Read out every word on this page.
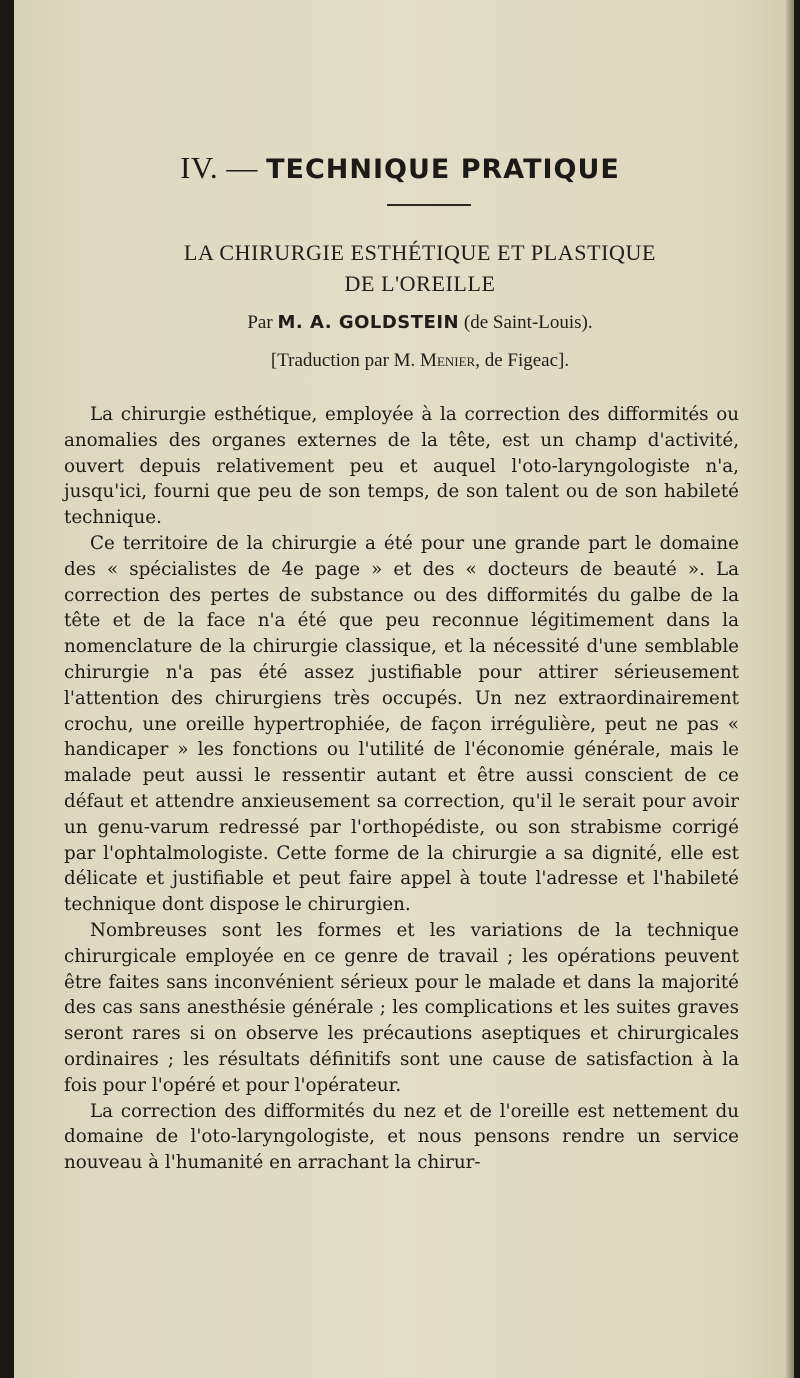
IV. — TECHNIQUE PRATIQUE
LA CHIRURGIE ESTHÉTIQUE ET PLASTIQUE
DE L'OREILLE
Par M. A. GOLDSTEIN (de Saint-Louis).
[Traduction par M. Menier, de Figeac].

La chirurgie esthétique, employée à la correction des difformités ou anomalies des organes externes de la tête, est un champ d'activité, ouvert depuis relativement peu et auquel l'oto-laryngologiste n'a, jusqu'ici, fourni que peu de son temps, de son talent ou de son habileté technique.

Ce territoire de la chirurgie a été pour une grande part le domaine des « spécialistes de 4e page » et des « docteurs de beauté ». La correction des pertes de substance ou des difformités du galbe de la tête et de la face n'a été que peu reconnue légitimement dans la nomenclature de la chirurgie classique, et la nécessité d'une semblable chirurgie n'a pas été assez justifiable pour attirer sérieusement l'attention des chirurgiens très occupés. Un nez extraordinairement crochu, une oreille hypertrophiée, de façon irrégulière, peut ne pas « handicaper » les fonctions ou l'utilité de l'économie générale, mais le malade peut aussi le ressentir autant et être aussi conscient de ce défaut et attendre anxieusement sa correction, qu'il le serait pour avoir un genu-varum redressé par l'orthopédiste, ou son strabisme corrigé par l'ophtalmologiste. Cette forme de la chirurgie a sa dignité, elle est délicate et justifiable et peut faire appel à toute l'adresse et l'habileté technique dont dispose le chirurgien.

Nombreuses sont les formes et les variations de la technique chirurgicale employée en ce genre de travail ; les opérations peuvent être faites sans inconvénient sérieux pour le malade et dans la majorité des cas sans anesthésie générale ; les complications et les suites graves seront rares si on observe les précautions aseptiques et chirurgicales ordinaires ; les résultats définitifs sont une cause de satisfaction à la fois pour l'opéré et pour l'opérateur.

La correction des difformités du nez et de l'oreille est nettement du domaine de l'oto-laryngologiste, et nous pensons rendre un service nouveau à l'humanité en arrachant la chirur-
